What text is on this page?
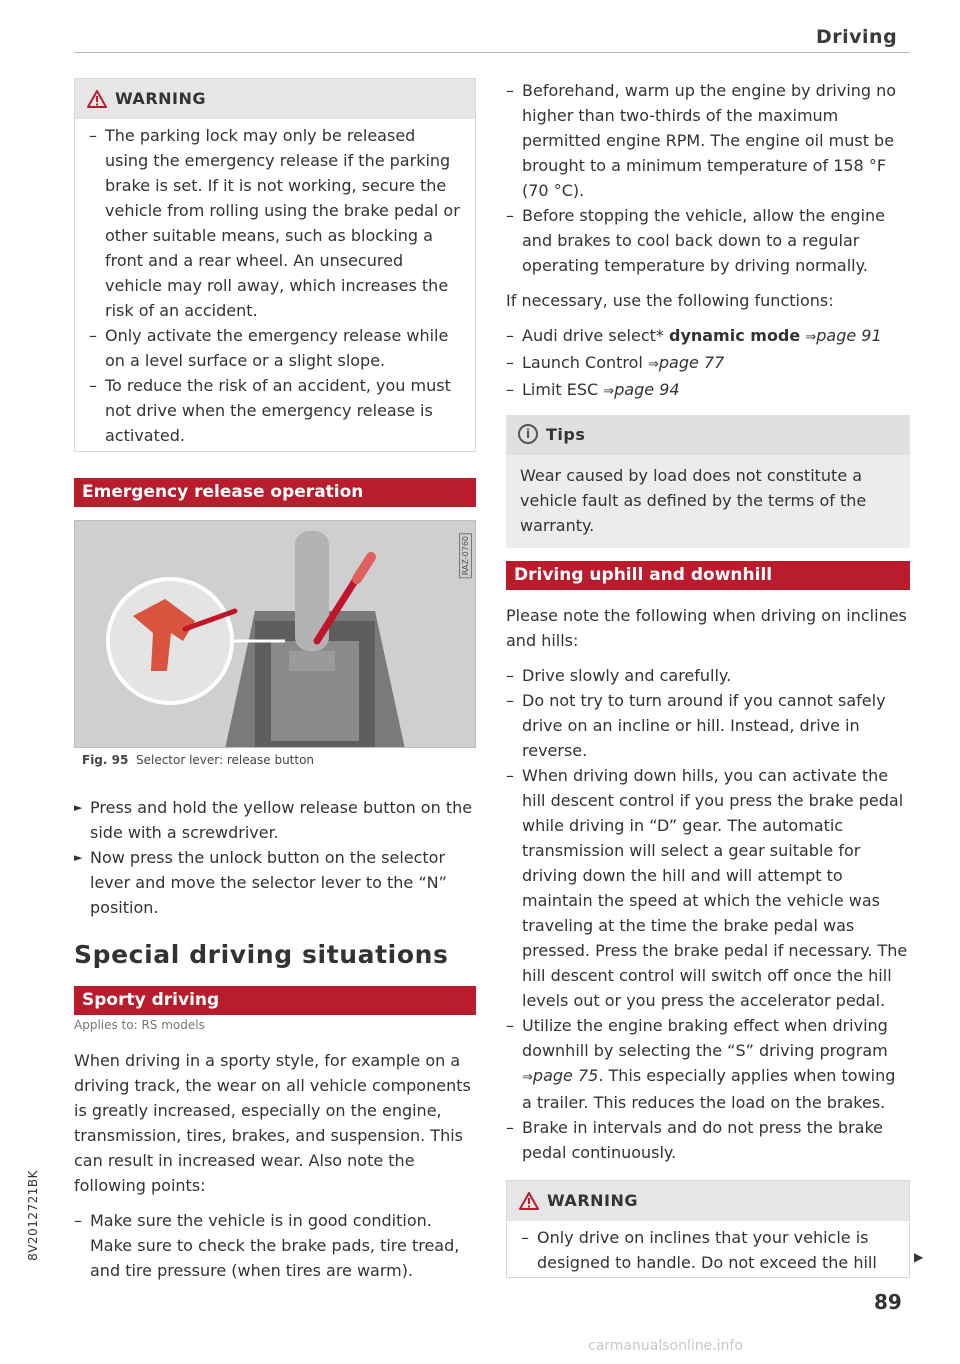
Driving
WARNING

– The parking lock may only be released using the emergency release if the parking brake is set. If it is not working, secure the vehicle from rolling using the brake pedal or other suitable means, such as blocking a front and a rear wheel. An unsecured vehicle may roll away, which increases the risk of an accident.

– Only activate the emergency release while on a level surface or a slight slope.

– To reduce the risk of an accident, you must not drive when the emergency release is activated.

Emergency release operation
RAZ-0760
Fig. 95 Selector lever: release button

► Press and hold the yellow release button on the side with a screwdriver.

► Now press the unlock button on the selector lever and move the selector lever to the “N” position.

Special driving situations
Sporty driving
Applies to: RS models

When driving in a sporty style, for example on a driving track, the wear on all vehicle components is greatly increased, especially on the engine, transmission, tires, brakes, and suspension. This can result in increased wear. Also note the following points:

– Make sure the vehicle is in good condition. Make sure to check the brake pads, tire tread, and tire pressure (when tires are warm).

– Beforehand, warm up the engine by driving no higher than two-thirds of the maximum permitted engine RPM. The engine oil must be brought to a minimum temperature of 158 °F (70 °C).

– Before stopping the vehicle, allow the engine and brakes to cool back down to a regular operating temperature by driving normally.

If necessary, use the following functions:

– Audi drive select* dynamic mode ⇒page 91

– Launch Control ⇒page 77

– Limit ESC ⇒page 94

i Tips

Wear caused by load does not constitute a vehicle fault as defined by the terms of the warranty.

Driving uphill and downhill

Please note the following when driving on inclines and hills:

– Drive slowly and carefully.

– Do not try to turn around if you cannot safely drive on an incline or hill. Instead, drive in reverse.

– When driving down hills, you can activate the hill descent control if you press the brake pedal while driving in “D” gear. The automatic transmission will select a gear suitable for driving down the hill and will attempt to maintain the speed at which the vehicle was traveling at the time the brake pedal was pressed. Press the brake pedal if necessary. The hill descent control will switch off once the hill levels out or you press the accelerator pedal.

– Utilize the engine braking effect when driving downhill by selecting the “S” driving program ⇒page 75. This especially applies when towing a trailer. This reduces the load on the brakes.

– Brake in intervals and do not press the brake pedal continuously.

WARNING

– Only drive on inclines that your vehicle is designed to handle. Do not exceed the hill	▶
89
8V2012721BK
carmanualsonline.info
